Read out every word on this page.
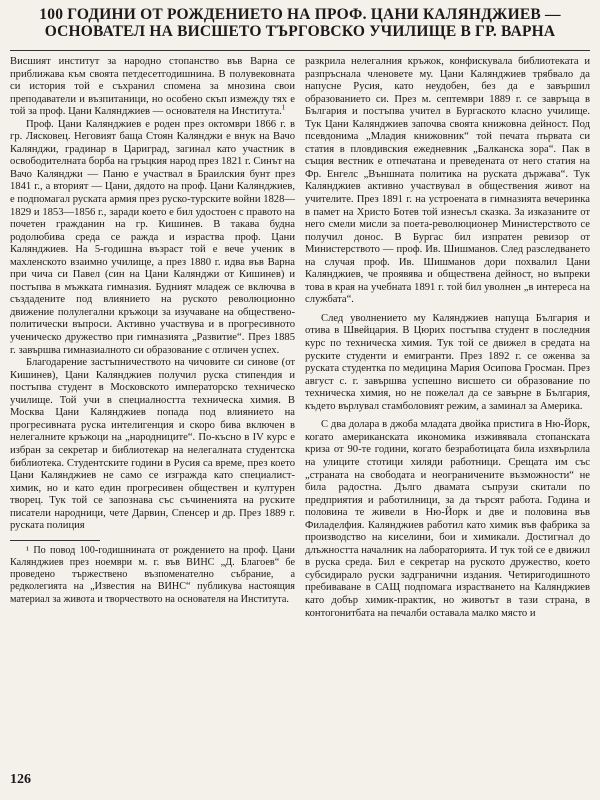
100 ГОДИНИ ОТ РОЖДЕНИЕТО НА ПРОФ. ЦАНИ КАЛЯНДЖИЕВ — ОСНОВАТЕЛ НА ВИСШЕТО ТЪРГОВСКО УЧИЛИЩЕ В ГР. ВАРНА

Висшият институт за народно стопанство във Варна се приближава към своята петдесетгодишнина. В полувековната си история той е съхранил спомена за мнозина свои преподаватели и възпитаници, но особено скъп измежду тях е той за проф. Цани Калянджиев — основателя на Института.$^1$

Проф. Цани Калянджиев е роден през октомври 1866 г. в гр. Лясковец. Неговият баща Стоян Калянджи е внук на Вачо Калянджи, градинар в Цариград, загинал като участник в освободителната борба на гръцкия народ през 1821 г. Синът на Вачо Калянджи — Паню е участвал в Браилския бунт през 1841 г., а вторият — Цани, дядото на проф. Цани Калянджиев, е подпомагал руската армия през руско-турските войни 1828—1829 и 1853—1856 г., заради което е бил удостоен с правото на почетен гражданин на гр. Кишинев. В такава будна родолюбива среда се ражда и израства проф. Цани Калянджиев. На 5-годишна възраст той е вече ученик в махленското взаимно училище, а през 1880 г. идва във Варна при чича си Павел (син на Цани Калянджи от Кишинев) и постъпва в мъжката гимназия. Будният младеж се включва в създадените под влиянието на руското революционно движение полулегални кръжоци за изучаване на обществено-политически въпроси. Активно участвува и в прогресивното ученическо дружество при гимназията „Развитие“. През 1885 г. завършва гимназиалното си образование с отличен успех.

Благодарение застъпничеството на чичовите си синове (от Кишинев), Цани Калянджиев получил руска стипендия и постъпва студент в Московското императорско техническо училище. Той учи в специалността техническа химия. В Москва Цани Калянджиев попада под влиянието на прогресивната руска интелигенция и скоро бива включен в нелегалните кръжоци на „народниците“. По-късно в IV курс е избран за секретар и библиотекар на нелегалната студентска библиотека. Студентските години в Русия са време, през което Цани Калянджиев не само се изгражда като специалист-химик, но и като един прогресивен обществен и културен творец. Тук той се запознава със съчиненията на руските писатели народници, чете Дарвин, Спенсер и др. През 1889 г. руската полиция

¹ По повод 100-годишнината от рождението на проф. Цани Калянджиев през ноември м. г. във ВИНС „Д. Благоев“ бе проведено тържествено възпоменателно събрание, а редколегията на „Известия на ВИНС“ публикува настоящия материал за живота и творчеството на основателя на Института.

разкрила нелегалния кръжок, конфискувала библиотеката и разпръснала членовете му. Цани Калянджиев трябвало да напусне Русия, като неудобен, без да е завършил образованието си. През м. септември 1889 г. се завръща в България и постъпва учител в Бургаското класно училище. Тук Цани Калянджиев започва своята книжовна дейност. Под псевдонима „Младия книжовник“ той печата първата си статия в пловдивския ежедневник „Балканска зора“. Пак в същия вестник е отпечатана и преведената от него статия на Фр. Енгелс „Външната политика на руската държава“. Тук Калянджиев активно участвувал в обществения живот на учителите. През 1891 г. на устроената в гимназията вечеринка в памет на Христо Ботев той изнесъл сказка. За изказаните от него смели мисли за поета-революционер Министерството се получил донос. В Бургас бил изпратен ревизор от Министерството — проф. Ив. Шишманов. След разследването на случая проф. Ив. Шишманов дори похвалил Цани Калянджиев, че проявява и обществена дейност, но въпреки това в края на учебната 1891 г. той бил уволнен „в интереса на службата“.

След уволнението му Калянджиев напуща България и отива в Швейцария. В Цюрих постъпва студент в последния курс по техническа химия. Тук той се движел в средата на руските студенти и емигранти. През 1892 г. се оженва за руската студентка по медицина Мария Осипова Гросман. През август с. г. завършва успешно висшето си образование по техническа химия, но не пожелал да се завърне в България, където върлувал стамболовият режим, а заминал за Америка.

С два долара в джоба младата двойка пристига в Ню-Йорк, когато американската икономика изживявала стопанската криза от 90-те години, когато безработицата била изхвърлила на улиците стотици хиляди работници. Срещата им със „страната на свободата и неограничените възможности“ не била радостна. Дълго двамата съпрузи скитали по предприятия и работилници, за да търсят работа. Година и половина те живели в Ню-Йорк и две и половина във Филаделфия. Калянджиев работил като химик във фабрика за производство на киселини, бои и химикали. Достигнал до длъжността началник на лабораторията. И тук той се е движил в руска среда. Бил е секретар на руското дружество, което субсидирало руски задгранични издания. Четиригодишното пребиваване в САЩ подпомага израстването на Калянджиев като добър химик-практик, но животът в тази страна, в контогонитбата на печалби оставала малко място и

126
